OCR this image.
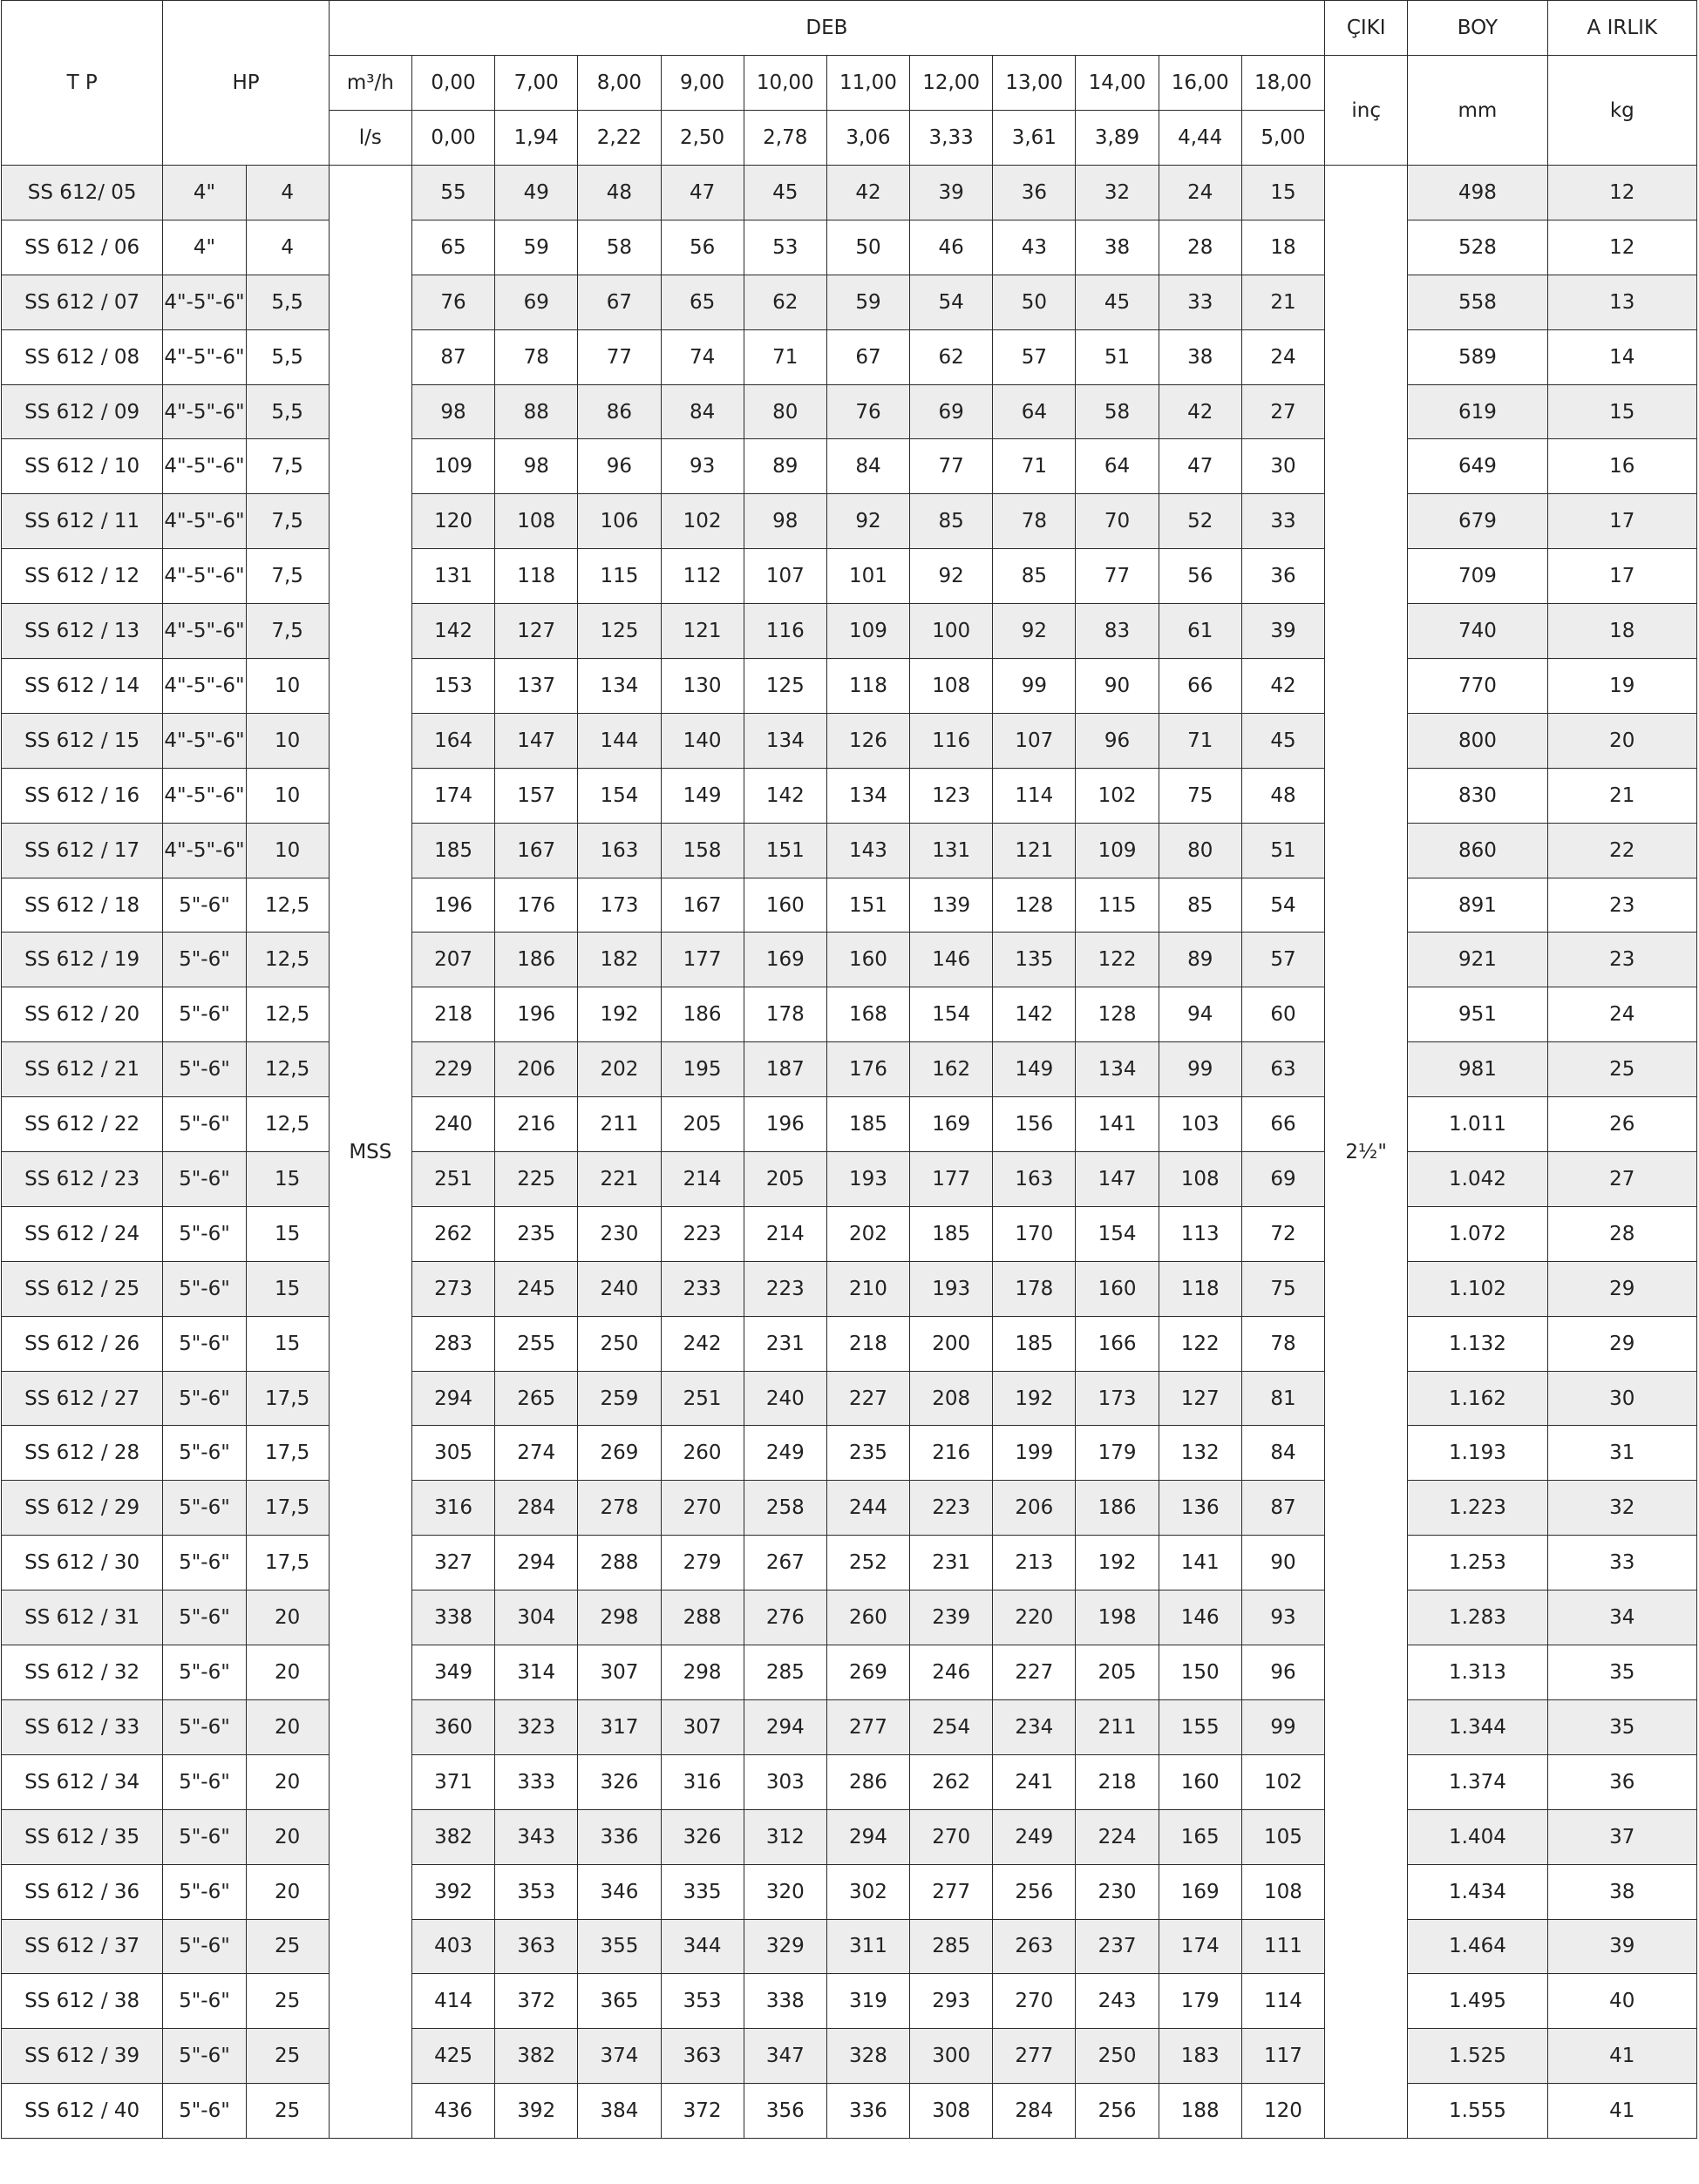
T P	HP		DEB												ÇIKI	BOY	A IRLIK
			m³/h	0,00	7,00	8,00	9,00	10,00	11,00	12,00	13,00	14,00	16,00	18,00	inç	mm	kg
			l/s	0,00	1,94	2,22	2,50	2,78	3,06	3,33	3,61	3,89	4,44	5,00			
SS 612/ 05	4"	4	MSS	55	49	48	47	45	42	39	36	32	24	15	2½"	498	12
SS 612 / 06	4"	4		65	59	58	56	53	50	46	43	38	28	18		528	12
SS 612 / 07	4"-5"-6"	5,5		76	69	67	65	62	59	54	50	45	33	21		558	13
SS 612 / 08	4"-5"-6"	5,5		87	78	77	74	71	67	62	57	51	38	24		589	14
SS 612 / 09	4"-5"-6"	5,5		98	88	86	84	80	76	69	64	58	42	27		619	15
SS 612 / 10	4"-5"-6"	7,5		109	98	96	93	89	84	77	71	64	47	30		649	16
SS 612 / 11	4"-5"-6"	7,5		120	108	106	102	98	92	85	78	70	52	33		679	17
SS 612 / 12	4"-5"-6"	7,5		131	118	115	112	107	101	92	85	77	56	36		709	17
SS 612 / 13	4"-5"-6"	7,5		142	127	125	121	116	109	100	92	83	61	39		740	18
SS 612 / 14	4"-5"-6"	10		153	137	134	130	125	118	108	99	90	66	42		770	19
SS 612 / 15	4"-5"-6"	10		164	147	144	140	134	126	116	107	96	71	45		800	20
SS 612 / 16	4"-5"-6"	10		174	157	154	149	142	134	123	114	102	75	48		830	21
SS 612 / 17	4"-5"-6"	10		185	167	163	158	151	143	131	121	109	80	51		860	22
SS 612 / 18	5"-6"	12,5		196	176	173	167	160	151	139	128	115	85	54		891	23
SS 612 / 19	5"-6"	12,5		207	186	182	177	169	160	146	135	122	89	57		921	23
SS 612 / 20	5"-6"	12,5		218	196	192	186	178	168	154	142	128	94	60		951	24
SS 612 / 21	5"-6"	12,5		229	206	202	195	187	176	162	149	134	99	63		981	25
SS 612 / 22	5"-6"	12,5		240	216	211	205	196	185	169	156	141	103	66		1.011	26
SS 612 / 23	5"-6"	15		251	225	221	214	205	193	177	163	147	108	69		1.042	27
SS 612 / 24	5"-6"	15		262	235	230	223	214	202	185	170	154	113	72		1.072	28
SS 612 / 25	5"-6"	15		273	245	240	233	223	210	193	178	160	118	75		1.102	29
SS 612 / 26	5"-6"	15		283	255	250	242	231	218	200	185	166	122	78		1.132	29
SS 612 / 27	5"-6"	17,5		294	265	259	251	240	227	208	192	173	127	81		1.162	30
SS 612 / 28	5"-6"	17,5		305	274	269	260	249	235	216	199	179	132	84		1.193	31
SS 612 / 29	5"-6"	17,5		316	284	278	270	258	244	223	206	186	136	87		1.223	32
SS 612 / 30	5"-6"	17,5		327	294	288	279	267	252	231	213	192	141	90		1.253	33
SS 612 / 31	5"-6"	20		338	304	298	288	276	260	239	220	198	146	93		1.283	34
SS 612 / 32	5"-6"	20		349	314	307	298	285	269	246	227	205	150	96		1.313	35
SS 612 / 33	5"-6"	20		360	323	317	307	294	277	254	234	211	155	99		1.344	35
SS 612 / 34	5"-6"	20		371	333	326	316	303	286	262	241	218	160	102		1.374	36
SS 612 / 35	5"-6"	20		382	343	336	326	312	294	270	249	224	165	105		1.404	37
SS 612 / 36	5"-6"	20		392	353	346	335	320	302	277	256	230	169	108		1.434	38
SS 612 / 37	5"-6"	25		403	363	355	344	329	311	285	263	237	174	111		1.464	39
SS 612 / 38	5"-6"	25		414	372	365	353	338	319	293	270	243	179	114		1.495	40
SS 612 / 39	5"-6"	25		425	382	374	363	347	328	300	277	250	183	117		1.525	41
SS 612 / 40	5"-6"	25		436	392	384	372	356	336	308	284	256	188	120		1.555	41
